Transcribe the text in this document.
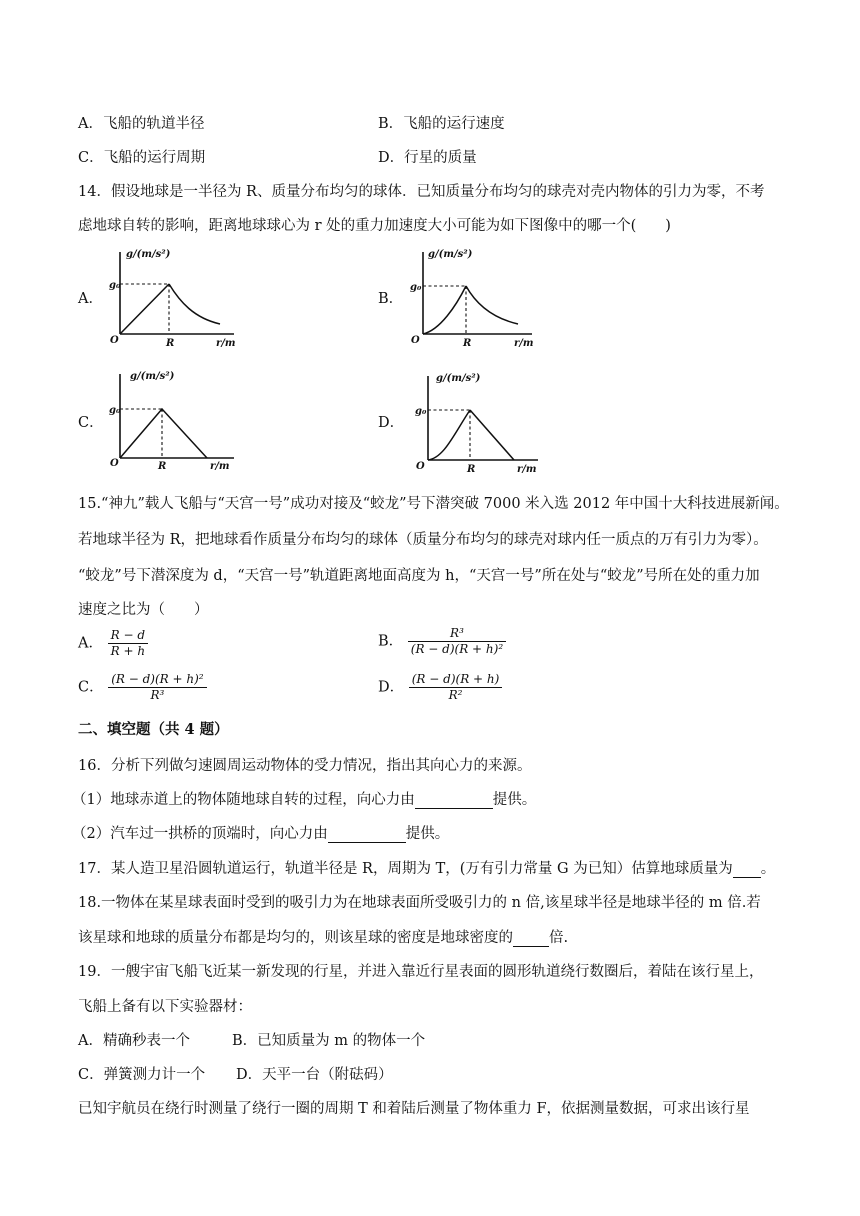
A．飞船的轨道半径	B．飞船的运行速度
C．飞船的运行周期	D．行星的质量
14．假设地球是一半径为 R、质量分布均匀的球体．已知质量分布均匀的球壳对壳内物体的引力为零，不考
虑地球自转的影响，距离地球球心为 r 处的重力加速度大小可能为如下图像中的哪一个(　　)
A．	B．
C．	D．
g/(m/s²)
g₀
O	R	r/m
g/(m/s²)
g₀
O	R	r/m
g/(m/s²)
g₀
O	R	r/m
g/(m/s²)
g₀
O	R	r/m
15.“神九”载人飞船与“天宫一号”成功对接及“蛟龙”号下潜突破 7000 米入选 2012 年中国十大科技进展新闻。
若地球半径为 R，把地球看作质量分布均匀的球体（质量分布均匀的球壳对球内任一质点的万有引力为零）。
“蛟龙”号下潜深度为 d，“天宫一号”轨道距离地面高度为 h，“天宫一号”所在处与“蛟龙”号所在处的重力加
速度之比为（　　）
A． $\frac{R - d}{R + h}$	B． $\frac{\text{R³}}{\text{(R − d)(R + h)²}}$
C． $\frac{\text{(R − d)(R + h)²}}{\text{R³}}$	D． $\frac{(R - d)(R + h)}{\text{R²}}$
二、填空题（共 4 题）
16．分析下列做匀速圆周运动物体的受力情况，指出其向心力的来源。
（1）地球赤道上的物体随地球自转的过程，向心力由	提供。
（2）汽车过一拱桥的顶端时，向心力由	提供。
17．某人造卫星沿圆轨道运行，轨道半径是 R，周期为 T，(万有引力常量 G 为已知）估算地球质量为 。
18.一物体在某星球表面时受到的吸引力为在地球表面所受吸引力的 n 倍,该星球半径是地球半径的 m 倍.若
该星球和地球的质量分布都是均匀的，则该星球的密度是地球密度的 倍.
19．一艘宇宙飞船飞近某一新发现的行星，并进入靠近行星表面的圆形轨道绕行数圈后，着陆在该行星上，
飞船上备有以下实验器材：
A．精确秒表一个	B．已知质量为 m 的物体一个
C．弹簧测力计一个 D．天平一台（附砝码）
已知宇航员在绕行时测量了绕行一圈的周期 T 和着陆后测量了物体重力 F，依据测量数据，可求出该行星
